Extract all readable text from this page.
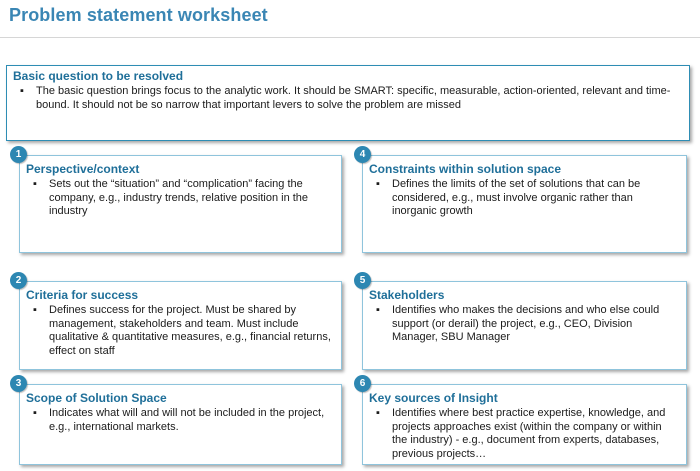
Problem statement worksheet
Basic question to be resolved
▪ The basic question brings focus to the analytic work. It should be SMART: specific, measurable, action-oriented, relevant and time-bound. It should not be so narrow that important levers to solve the problem are missed
1
Perspective/context
▪ Sets out the “situation” and “complication” facing the company, e.g., industry trends, relative position in the industry
2
Criteria for success
▪ Defines success for the project. Must be shared by management, stakeholders and team. Must include qualitative & quantitative measures, e.g., financial returns, effect on staff
3
Scope of Solution Space
▪ Indicates what will and will not be included in the project, e.g., international markets.
4
Constraints within solution space
▪ Defines the limits of the set of solutions that can be considered, e.g., must involve organic rather than inorganic growth
5
Stakeholders
▪ Identifies who makes the decisions and who else could support (or derail) the project, e.g., CEO, Division Manager, SBU Manager
6
Key sources of Insight
▪ Identifies where best practice expertise, knowledge, and projects approaches exist (within the company or within the industry) - e.g., document from experts, databases, previous projects…
